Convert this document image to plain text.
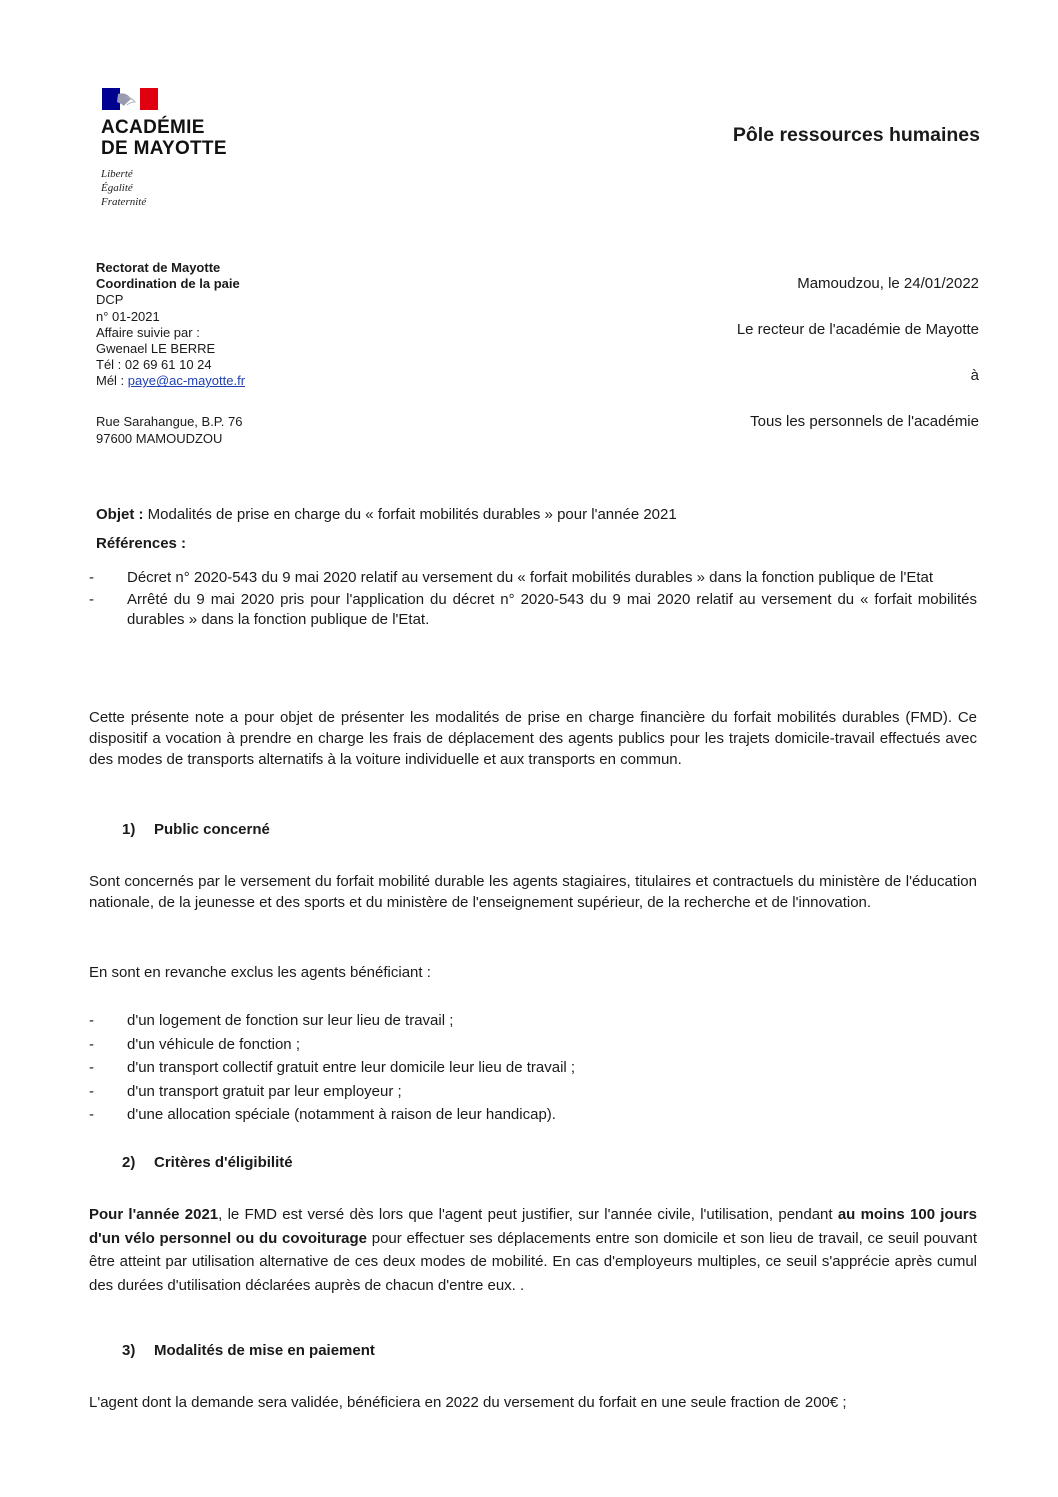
ACADÉMIE
DE MAYOTTE
Liberté
Égalité
Fraternité
Pôle ressources humaines
Rectorat de Mayotte
Coordination de la paie
DCP
n° 01-2021
Affaire suivie par :
Gwenael LE BERRE
Tél : 02 69 61 10 24
Mél : paye@ac-mayotte.fr
Rue Sarahangue, B.P. 76
97600 MAMOUDZOU
Mamoudzou, le 24/01/2022
Le recteur de l'académie de Mayotte
à
Tous les personnels de l'académie
Objet : Modalités de prise en charge du « forfait mobilités durables » pour l'année 2021
Références :
- Décret n° 2020-543 du 9 mai 2020 relatif au versement du « forfait mobilités durables » dans la fonction publique de l'Etat
- Arrêté du 9 mai 2020 pris pour l'application du décret n° 2020-543 du 9 mai 2020 relatif au versement du « forfait mobilités durables » dans la fonction publique de l'Etat.
Cette présente note a pour objet de présenter les modalités de prise en charge financière du forfait mobilités durables (FMD). Ce dispositif a vocation à prendre en charge les frais de déplacement des agents publics pour les trajets domicile-travail effectués avec des modes de transports alternatifs à la voiture individuelle et aux transports en commun.
1) Public concerné
Sont concernés par le versement du forfait mobilité durable les agents stagiaires, titulaires et contractuels du ministère de l'éducation nationale, de la jeunesse et des sports et du ministère de l'enseignement supérieur, de la recherche et de l'innovation.
En sont en revanche exclus les agents bénéficiant :
- d'un logement de fonction sur leur lieu de travail ;
- d'un véhicule de fonction ;
- d'un transport collectif gratuit entre leur domicile leur lieu de travail ;
- d'un transport gratuit par leur employeur ;
- d'une allocation spéciale (notamment à raison de leur handicap).
2) Critères d'éligibilité
Pour l'année 2021, le FMD est versé dès lors que l'agent peut justifier, sur l'année civile, l'utilisation, pendant au moins 100 jours d'un vélo personnel ou du covoiturage pour effectuer ses déplacements entre son domicile et son lieu de travail, ce seuil pouvant être atteint par utilisation alternative de ces deux modes de mobilité. En cas d'employeurs multiples, ce seuil s'apprécie après cumul des durées d'utilisation déclarées auprès de chacun d'entre eux. .
3) Modalités de mise en paiement
L'agent dont la demande sera validée, bénéficiera en 2022 du versement du forfait en une seule fraction de 200€ ;
